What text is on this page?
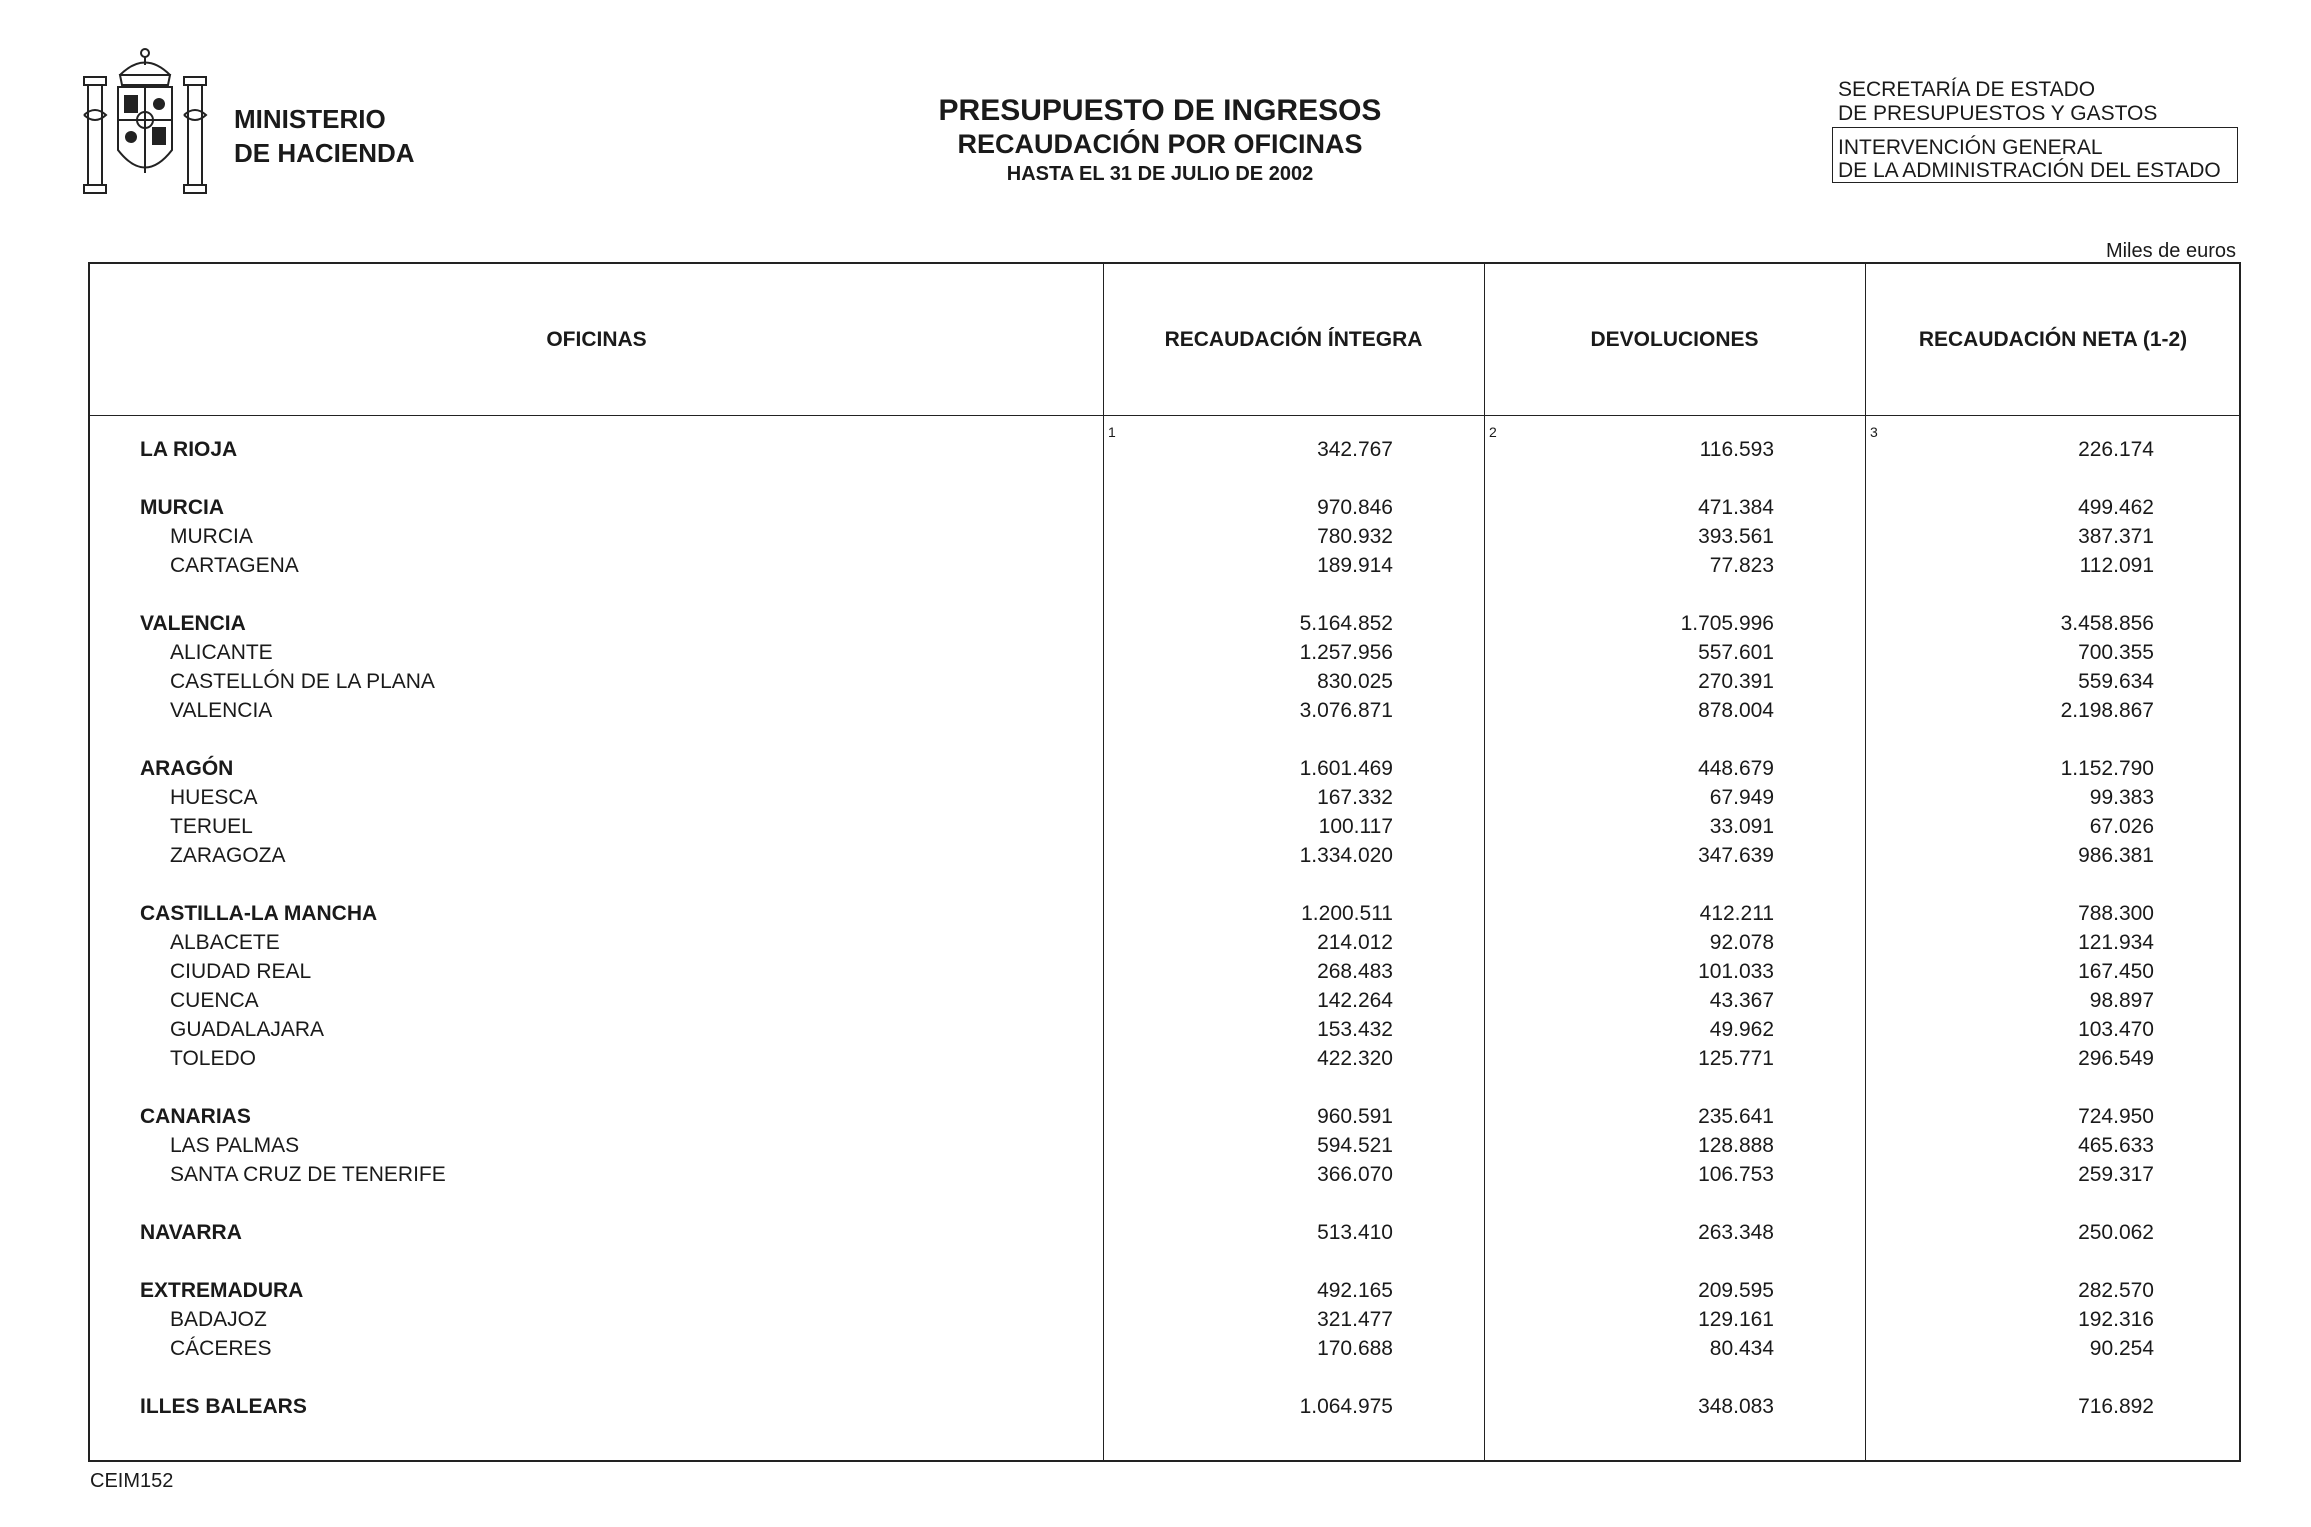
MINISTERIO
DE HACIENDA
PRESUPUESTO DE INGRESOS
RECAUDACIÓN POR OFICINAS
HASTA EL 31 DE JULIO DE 2002
SECRETARÍA DE ESTADO
DE PRESUPUESTOS Y GASTOS
INTERVENCIÓN GENERAL
DE LA ADMINISTRACIÓN DEL ESTADO
Miles de euros
OFICINAS	RECAUDACIÓN ÍNTEGRA	DEVOLUCIONES	RECAUDACIÓN NETA (1-2)
1	2	3
LA RIOJA	342.767	116.593	226.174
MURCIA	970.846	471.384	499.462
MURCIA	780.932	393.561	387.371
CARTAGENA	189.914	77.823	112.091
VALENCIA	5.164.852	1.705.996	3.458.856
ALICANTE	1.257.956	557.601	700.355
CASTELLÓN DE LA PLANA	830.025	270.391	559.634
VALENCIA	3.076.871	878.004	2.198.867
ARAGÓN	1.601.469	448.679	1.152.790
HUESCA	167.332	67.949	99.383
TERUEL	100.117	33.091	67.026
ZARAGOZA	1.334.020	347.639	986.381
CASTILLA-LA MANCHA	1.200.511	412.211	788.300
ALBACETE	214.012	92.078	121.934
CIUDAD REAL	268.483	101.033	167.450
CUENCA	142.264	43.367	98.897
GUADALAJARA	153.432	49.962	103.470
TOLEDO	422.320	125.771	296.549
CANARIAS	960.591	235.641	724.950
LAS PALMAS	594.521	128.888	465.633
SANTA CRUZ DE TENERIFE	366.070	106.753	259.317
NAVARRA	513.410	263.348	250.062
EXTREMADURA	492.165	209.595	282.570
BADAJOZ	321.477	129.161	192.316
CÁCERES	170.688	80.434	90.254
ILLES BALEARS	1.064.975	348.083	716.892
CEIM152
